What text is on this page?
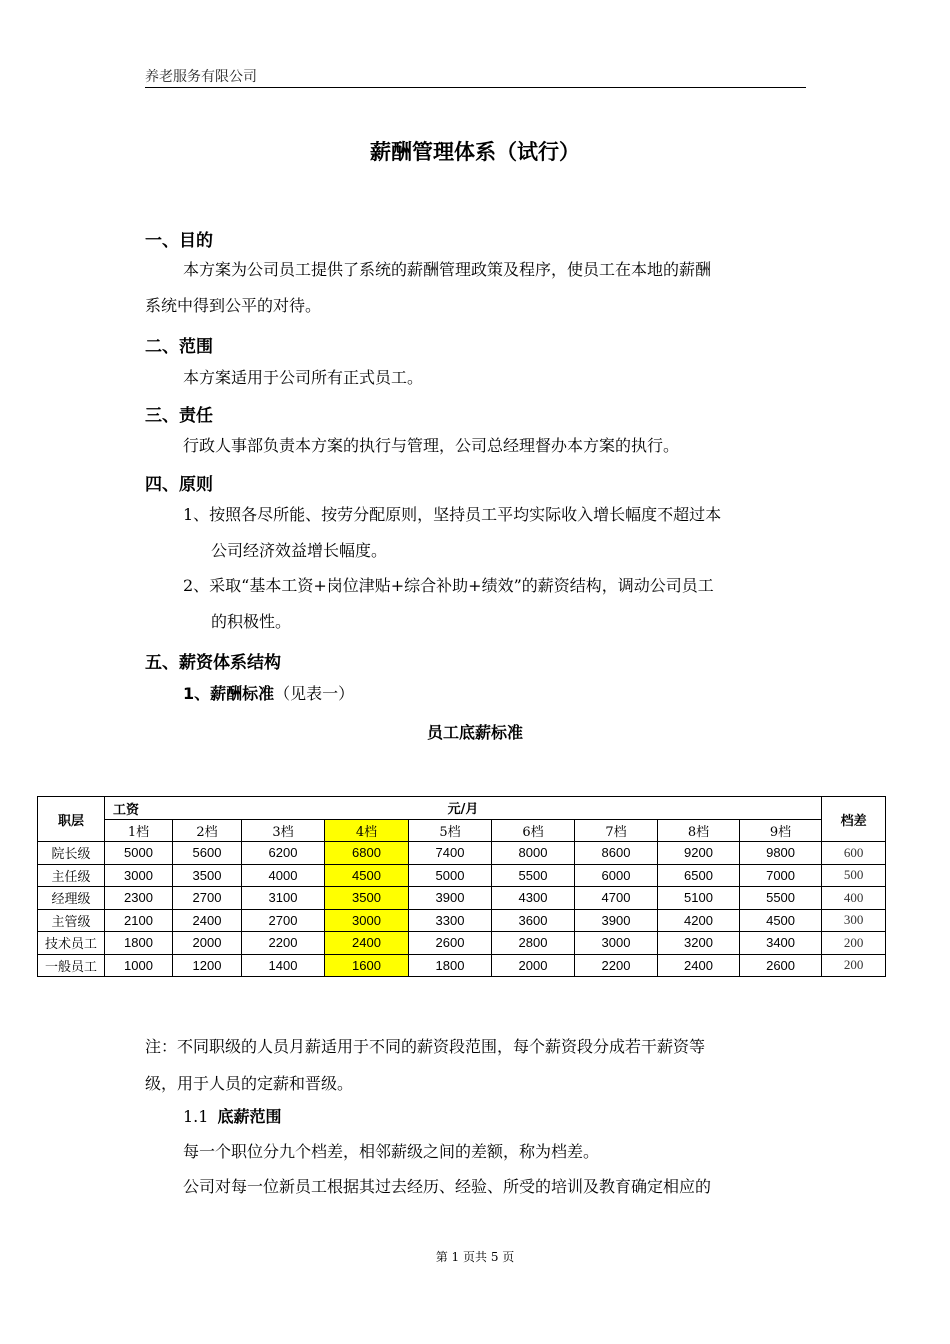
养老服务有限公司
薪酬管理体系（试行）
一、目的
本方案为公司员工提供了系统的薪酬管理政策及程序，使员工在本地的薪酬
系统中得到公平的对待。
二、范围
本方案适用于公司所有正式员工。
三、责任
行政人事部负责本方案的执行与管理，公司总经理督办本方案的执行。
四、原则
1、按照各尽所能、按劳分配原则，坚持员工平均实际收入增长幅度不超过本
公司经济效益增长幅度。
2、采取“基本工资+岗位津贴+综合补助+绩效”的薪资结构，调动公司员工
的积极性。
五、薪资体系结构
1、薪酬标准（见表一）
员工底薪标准
职层	工资 元/月									档差
	1档	2档	3档	4档	5档	6档	7档	8档	9档	
院长级	5000	5600	6200	6800	7400	8000	8600	9200	9800	600
主任级	3000	3500	4000	4500	5000	5500	6000	6500	7000	500
经理级	2300	2700	3100	3500	3900	4300	4700	5100	5500	400
主管级	2100	2400	2700	3000	3300	3600	3900	4200	4500	300
技术员工	1800	2000	2200	2400	2600	2800	3000	3200	3400	200
一般员工	1000	1200	1400	1600	1800	2000	2200	2400	2600	200
注：不同职级的人员月薪适用于不同的薪资段范围，每个薪资段分成若干薪资等
级，用于人员的定薪和晋级。
1.1 底薪范围
每一个职位分九个档差，相邻薪级之间的差额，称为档差。
公司对每一位新员工根据其过去经历、经验、所受的培训及教育确定相应的
第 1 页共 5 页
